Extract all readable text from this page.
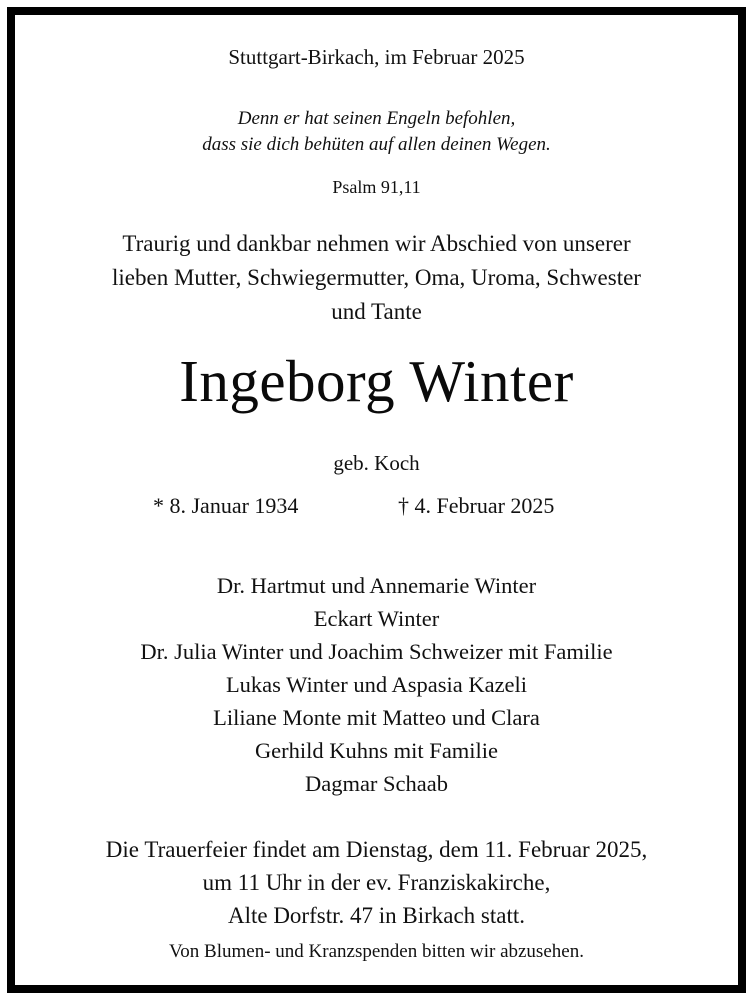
Stuttgart-Birkach, im Februar 2025
Denn er hat seinen Engeln befohlen,
dass sie dich behüten auf allen deinen Wegen.
Psalm 91,11
Traurig und dankbar nehmen wir Abschied von unserer
lieben Mutter, Schwiegermutter, Oma, Uroma, Schwester
und Tante
Ingeborg Winter
geb. Koch
* 8. Januar 1934	† 4. Februar 2025
Dr. Hartmut und Annemarie Winter
Eckart Winter
Dr. Julia Winter und Joachim Schweizer mit Familie
Lukas Winter und Aspasia Kazeli
Liliane Monte mit Matteo und Clara
Gerhild Kuhns mit Familie
Dagmar Schaab
Die Trauerfeier findet am Dienstag, dem 11. Februar 2025,
um 11 Uhr in der ev. Franziskakirche,
Alte Dorfstr. 47 in Birkach statt.
Von Blumen- und Kranzspenden bitten wir abzusehen.
